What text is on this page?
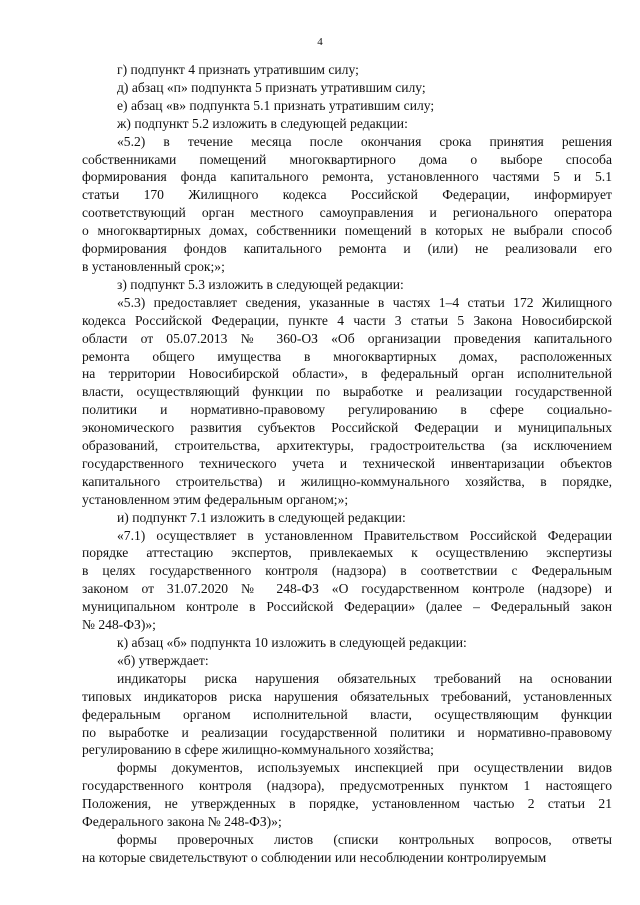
4
г) подпункт 4 признать утратившим силу;
д) абзац «п» подпункта 5 признать утратившим силу;
е) абзац «в» подпункта 5.1 признать утратившим силу;
ж) подпункт 5.2 изложить в следующей редакции:
«5.2) в течение месяца после окончания срока принятия решения
собственниками помещений многоквартирного дома о выборе способа
формирования фонда капитального ремонта, установленного частями 5 и 5.1
статьи 170 Жилищного кодекса Российской Федерации, информирует
соответствующий орган местного самоуправления и регионального оператора
о многоквартирных домах, собственники помещений в которых не выбрали способ
формирования фондов капитального ремонта и (или) не реализовали его
в установленный срок;»;
з) подпункт 5.3 изложить в следующей редакции:
«5.3) предоставляет сведения, указанные в частях 1–4 статьи 172 Жилищного
кодекса Российской Федерации, пункте 4 части 3 статьи 5 Закона Новосибирской
области от 05.07.2013 № 360-ОЗ «Об организации проведения капитального
ремонта общего имущества в многоквартирных домах, расположенных
на территории Новосибирской области», в федеральный орган исполнительной
власти, осуществляющий функции по выработке и реализации государственной
политики и нормативно-правовому регулированию в сфере социально-
экономического развития субъектов Российской Федерации и муниципальных
образований, строительства, архитектуры, градостроительства (за исключением
государственного технического учета и технической инвентаризации объектов
капитального строительства) и жилищно-коммунального хозяйства, в порядке,
установленном этим федеральным органом;»;
и) подпункт 7.1 изложить в следующей редакции:
«7.1) осуществляет в установленном Правительством Российской Федерации
порядке аттестацию экспертов, привлекаемых к осуществлению экспертизы
в целях государственного контроля (надзора) в соответствии с Федеральным
законом от 31.07.2020 № 248-ФЗ «О государственном контроле (надзоре) и
муниципальном контроле в Российской Федерации» (далее – Федеральный закон
№ 248-ФЗ)»;
к) абзац «б» подпункта 10 изложить в следующей редакции:
«б) утверждает:
индикаторы риска нарушения обязательных требований на основании
типовых индикаторов риска нарушения обязательных требований, установленных
федеральным органом исполнительной власти, осуществляющим функции
по выработке и реализации государственной политики и нормативно-правовому
регулированию в сфере жилищно-коммунального хозяйства;
формы документов, используемых инспекцией при осуществлении видов
государственного контроля (надзора), предусмотренных пунктом 1 настоящего
Положения, не утвержденных в порядке, установленном частью 2 статьи 21
Федерального закона № 248-ФЗ)»;
формы проверочных листов (списки контрольных вопросов, ответы
на которые свидетельствуют о соблюдении или несоблюдении контролируемым
